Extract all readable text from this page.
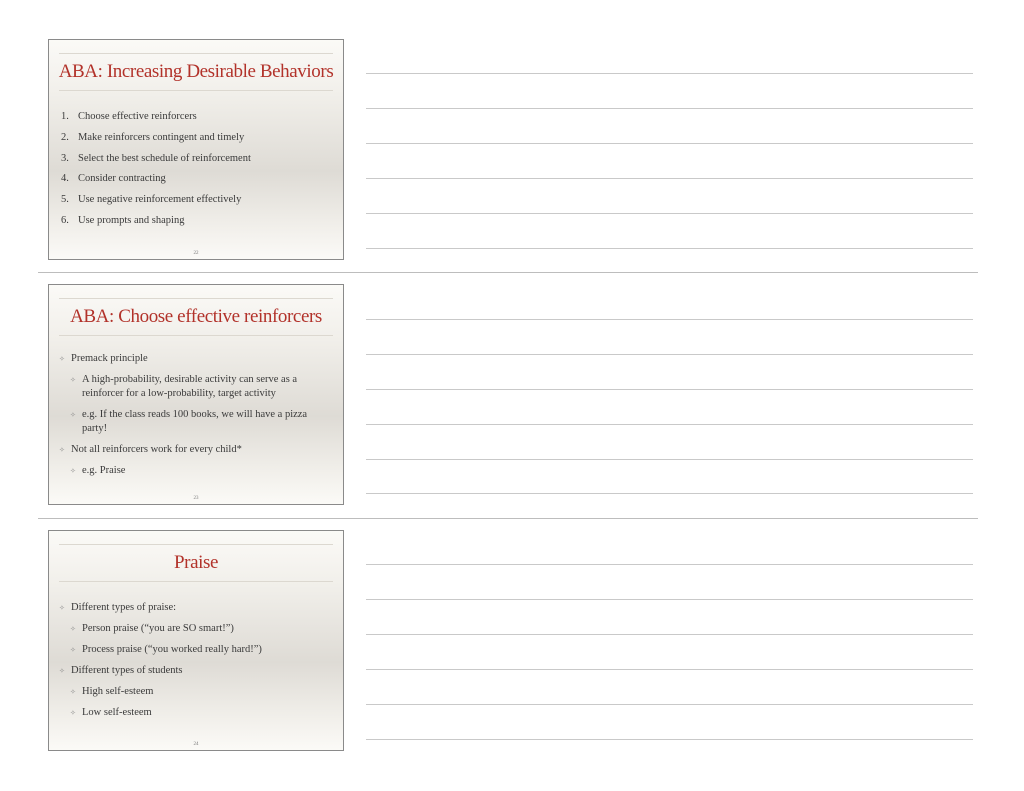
ABA: Increasing Desirable Behaviors
1. Choose effective reinforcers
2. Make reinforcers contingent and timely
3. Select the best schedule of reinforcement
4. Consider contracting
5. Use negative reinforcement effectively
6. Use prompts and shaping
22
ABA: Choose effective reinforcers
✧ Premack principle
✧ A high-probability, desirable activity can serve as a reinforcer for a low-probability, target activity
✧ e.g. If the class reads 100 books, we will have a pizza party!
✧ Not all reinforcers work for every child*
✧ e.g. Praise
23
Praise
✧ Different types of praise:
✧ Person praise (“you are SO smart!”)
✧ Process praise (“you worked really hard!”)
✧ Different types of students
✧ High self-esteem
✧ Low self-esteem
24
